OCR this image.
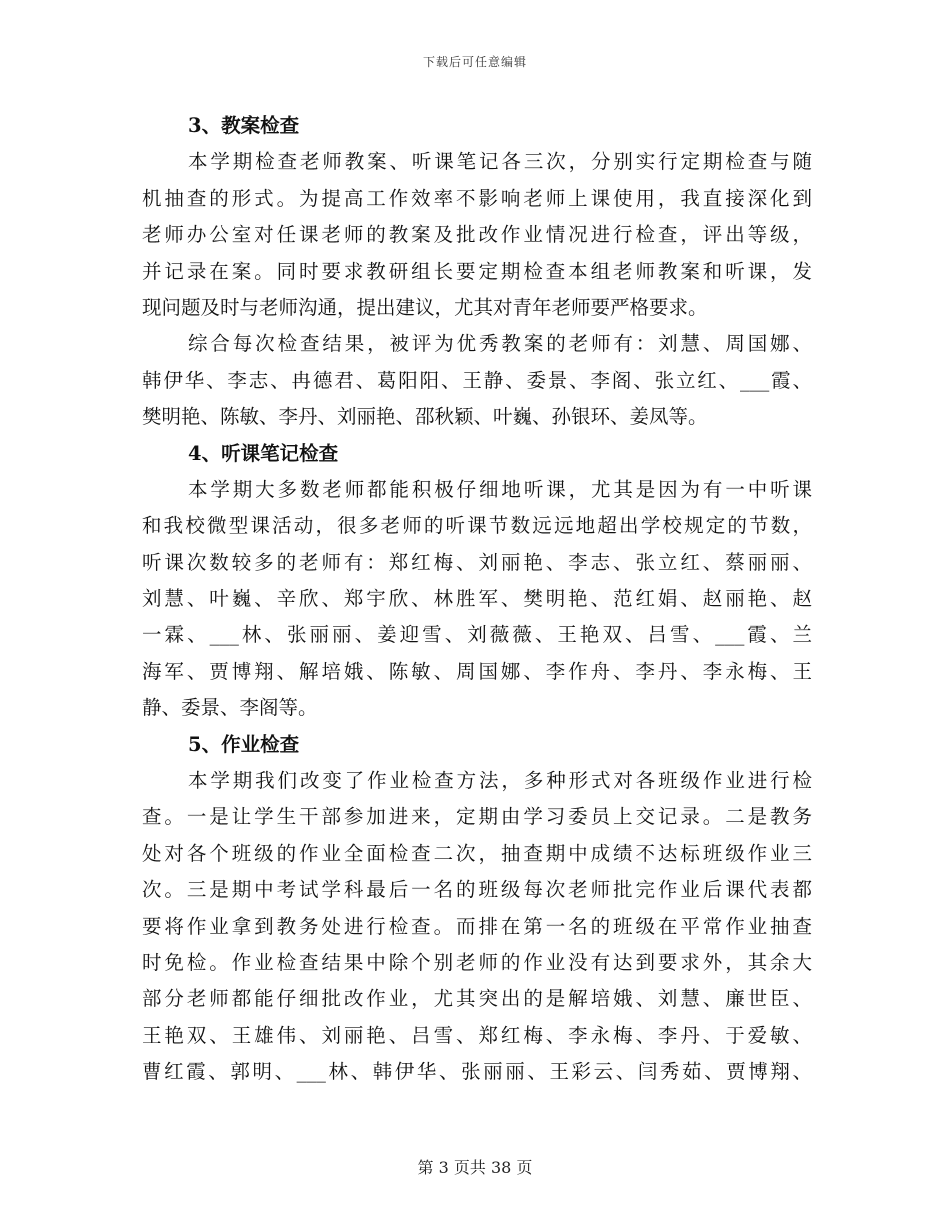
下载后可任意编辑
3、教案检查
本学期检查老师教案、听课笔记各三次，分别实行定期检查与随
机抽查的形式。为提高工作效率不影响老师上课使用，我直接深化到
老师办公室对任课老师的教案及批改作业情况进行检查，评出等级，
并记录在案。同时要求教研组长要定期检查本组老师教案和听课，发
现问题及时与老师沟通，提出建议，尤其对青年老师要严格要求。
综合每次检查结果，被评为优秀教案的老师有：刘慧、周国娜、
韩伊华、李志、冉德君、葛阳阳、王静、委景、李阁、张立红、___霞、
樊明艳、陈敏、李丹、刘丽艳、邵秋颖、叶巍、孙银环、姜凤等。
4、听课笔记检查
本学期大多数老师都能积极仔细地听课，尤其是因为有一中听课
和我校微型课活动，很多老师的听课节数远远地超出学校规定的节数，
听课次数较多的老师有：郑红梅、刘丽艳、李志、张立红、蔡丽丽、
刘慧、叶巍、辛欣、郑宇欣、林胜军、樊明艳、范红娟、赵丽艳、赵
一霖、___林、张丽丽、姜迎雪、刘薇薇、王艳双、吕雪、___霞、兰
海军、贾博翔、解培娥、陈敏、周国娜、李作舟、李丹、李永梅、王
静、委景、李阁等。
5、作业检查
本学期我们改变了作业检查方法，多种形式对各班级作业进行检
查。一是让学生干部参加进来，定期由学习委员上交记录。二是教务
处对各个班级的作业全面检查二次，抽查期中成绩不达标班级作业三
次。三是期中考试学科最后一名的班级每次老师批完作业后课代表都
要将作业拿到教务处进行检查。而排在第一名的班级在平常作业抽查
时免检。作业检查结果中除个别老师的作业没有达到要求外，其余大
部分老师都能仔细批改作业，尤其突出的是解培娥、刘慧、廉世臣、
王艳双、王雄伟、刘丽艳、吕雪、郑红梅、李永梅、李丹、于爱敏、
曹红霞、郭明、___林、韩伊华、张丽丽、王彩云、闫秀茹、贾博翔、
第 3 页共 38 页
